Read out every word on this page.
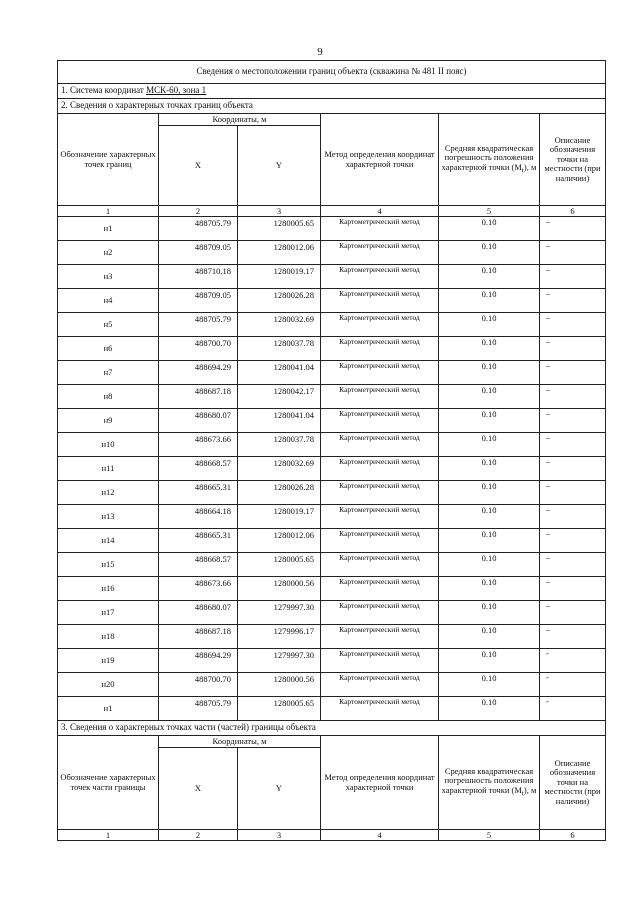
9
Сведения о местоположении границ объекта (скважина № 481 II пояс)					
1. Система координат МСК-60, зона 1					
2. Сведения о характерных точках границ объекта					
Обозначение характерных точек границ	Координаты, м		Метод определения координат характерной точки	Средняя квадратическая погрешность положения характерной точки $(M_t)$, м	Описание обозначения точки на местности (при наличии)
	X	Y			
1	2	3	4	5	6
н1	488705.79	1280005.65	Картометрический метод	0.10	–
н2	488709.05	1280012.06	Картометрический метод	0.10	–
н3	488710.18	1280019.17	Картометрический метод	0.10	–
н4	488709.05	1280026.28	Картометрический метод	0.10	–
н5	488705.79	1280032.69	Картометрический метод	0.10	–
н6	488700.70	1280037.78	Картометрический метод	0.10	–
н7	488694.29	1280041.04	Картометрический метод	0.10	–
н8	488687.18	1280042.17	Картометрический метод	0.10	–
н9	488680.07	1280041.04	Картометрический метод	0.10	–
н10	488673.66	1280037.78	Картометрический метод	0.10	–
н11	488668.57	1280032.69	Картометрический метод	0.10	–
н12	488665.31	1280026.28	Картометрический метод	0.10	–
н13	488664.18	1280019.17	Картометрический метод	0.10	–
н14	488665.31	1280012.06	Картометрический метод	0.10	–
н15	488668.57	1280005.65	Картометрический метод	0.10	–
н16	488673.66	1280000.56	Картометрический метод	0.10	–
н17	488680.07	1279997.30	Картометрический метод	0.10	–
н18	488687.18	1279996.17	Картометрический метод	0.10	–
н19	488694.29	1279997.30	Картометрический метод	0.10	-
н20	488700.70	1280000.56	Картометрический метод	0.10	-
н1	488705.79	1280005.65	Картометрический метод	0.10	-
3. Сведения о характерных точках части (частей) границы объекта					
Обозначение характерных точек части границы	Координаты, м		Метод определения координат характерной точки	Средняя квадратическая погрешность положения характерной точки $(M_t)$, м	Описание обозначения точки на местности (при наличии)
	X	Y			
1	2	3	4	5	6
